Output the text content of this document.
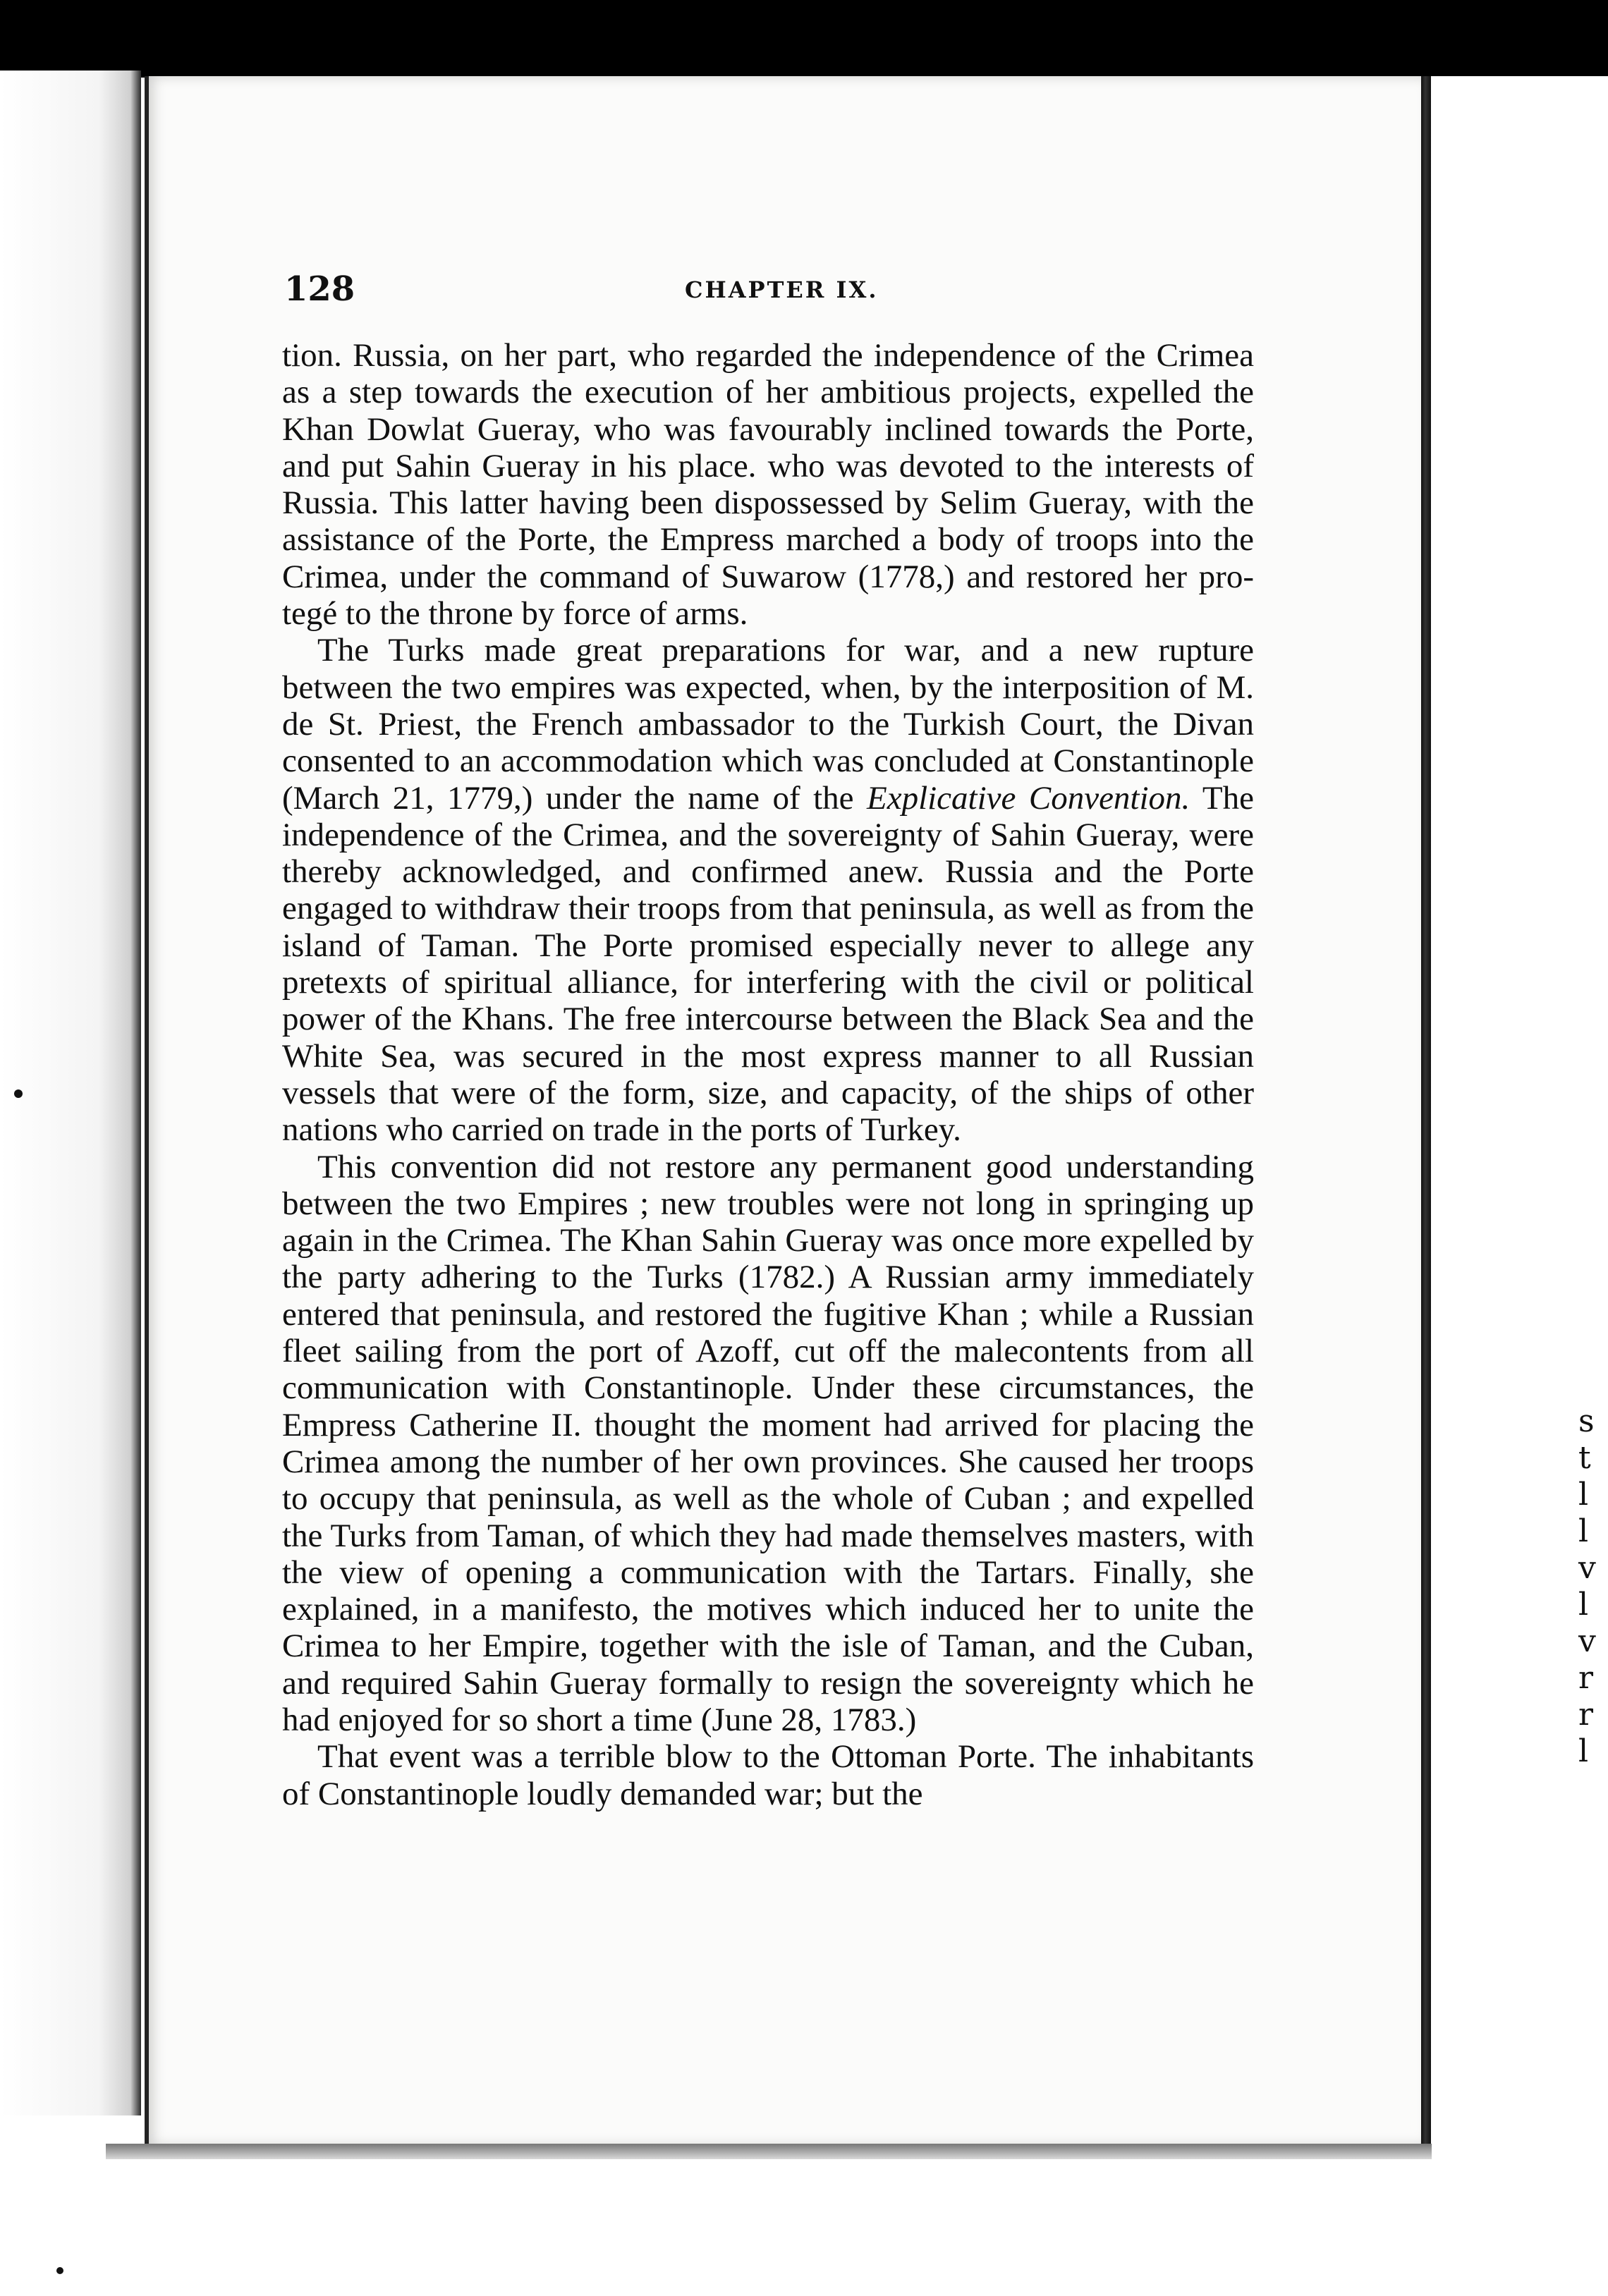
s
t
l
l
v
l
v
r
r
l

128	CHAPTER IX.

tion. Russia, on her part, who regarded the independence of the Crimea as a step towards the execution of her ambitious projects, expelled the Khan Dowlat Gueray, who was favourably inclined towards the Porte, and put Sahin Gueray in his place. who was devoted to the interests of Russia. This latter having been dispossessed by Selim Gueray, with the assistance of the Porte, the Empress marched a body of troops into the Crimea, under the command of Suwarow (1778,) and restored her protegé to the throne by force of arms.

The Turks made great preparations for war, and a new rupture between the two empires was expected, when, by the interposition of M. de St. Priest, the French ambassador to the Turkish Court, the Divan consented to an accommodation which was concluded at Constantinople (March 21, 1779,) under the name of the Explicative Convention. The independence of the Crimea, and the sovereignty of Sahin Gueray, were thereby acknowledged, and confirmed anew. Russia and the Porte engaged to withdraw their troops from that peninsula, as well as from the island of Taman. The Porte promised especially never to allege any pretexts of spiritual alliance, for interfering with the civil or political power of the Khans. The free intercourse between the Black Sea and the White Sea, was secured in the most express manner to all Russian vessels that were of the form, size, and capacity, of the ships of other nations who carried on trade in the ports of Turkey.

This convention did not restore any permanent good understanding between the two Empires ; new troubles were not long in springing up again in the Crimea. The Khan Sahin Gueray was once more expelled by the party adhering to the Turks (1782.) A Russian army immediately entered that peninsula, and restored the fugitive Khan ; while a Russian fleet sailing from the port of Azoff, cut off the malecontents from all communication with Constantinople. Under these circumstances, the Empress Catherine II. thought the moment had arrived for placing the Crimea among the number of her own provinces. She caused her troops to occupy that peninsula, as well as the whole of Cuban ; and expelled the Turks from Taman, of which they had made themselves masters, with the view of opening a communication with the Tartars. Finally, she explained, in a manifesto, the motives which induced her to unite the Crimea to her Empire, together with the isle of Taman, and the Cuban, and required Sahin Gueray formally to resign the sovereignty which he had enjoyed for so short a time (June 28, 1783.)

That event was a terrible blow to the Ottoman Porte. The inhabitants of Constantinople loudly demanded war; but the
